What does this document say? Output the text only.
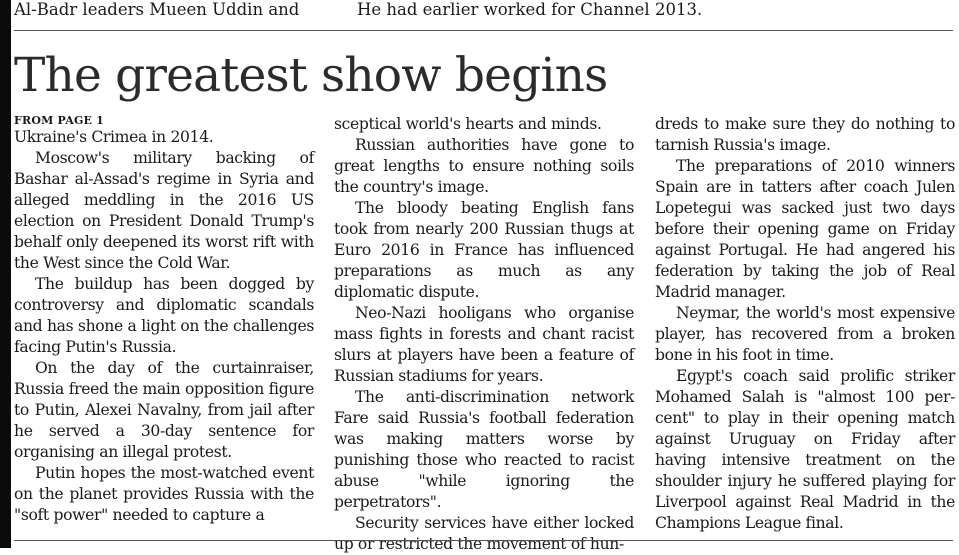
Al-Badr leaders Mueen Uddin and	He had earlier worked for Channel 2013.
The greatest show begins
FROM PAGE 1

Ukraine's Crimea in 2014.

Moscow's military backing of Bashar al-Assad's regime in Syria and alleged meddling in the 2016 US election on President Donald Trump's behalf only deepened its worst rift with the West since the Cold War.

The buildup has been dogged by controversy and diplomatic scandals and has shone a light on the challenges facing Putin's Russia.

On the day of the curtainraiser, Russia freed the main opposition figure to Putin, Alexei Navalny, from jail after he served a 30-day sentence for organising an illegal protest.

Putin hopes the most-watched event on the planet provides Russia with the "soft power" needed to capture a

sceptical world's hearts and minds.

Russian authorities have gone to great lengths to ensure nothing soils the country's image.

The bloody beating English fans took from nearly 200 Russian thugs at Euro 2016 in France has influenced preparations as much as any diplomatic dispute.

Neo-Nazi hooligans who organise mass fights in forests and chant racist slurs at players have been a feature of Russian stadiums for years.

The anti-discrimination network Fare said Russia's football federation was making matters worse by punishing those who reacted to racist abuse "while ignoring the perpetrators".

Security services have either locked up or restricted the movement of hun-

dreds to make sure they do nothing to tarnish Russia's image.

The preparations of 2010 winners Spain are in tatters after coach Julen Lopetegui was sacked just two days before their opening game on Friday against Portugal. He had angered his federation by taking the job of Real Madrid manager.

Neymar, the world's most expensive player, has recovered from a broken bone in his foot in time.

Egypt's coach said prolific striker Mohamed Salah is "almost 100 per-cent" to play in their opening match against Uruguay on Friday after having intensive treatment on the shoulder injury he suffered playing for Liverpool against Real Madrid in the Champions League final.
